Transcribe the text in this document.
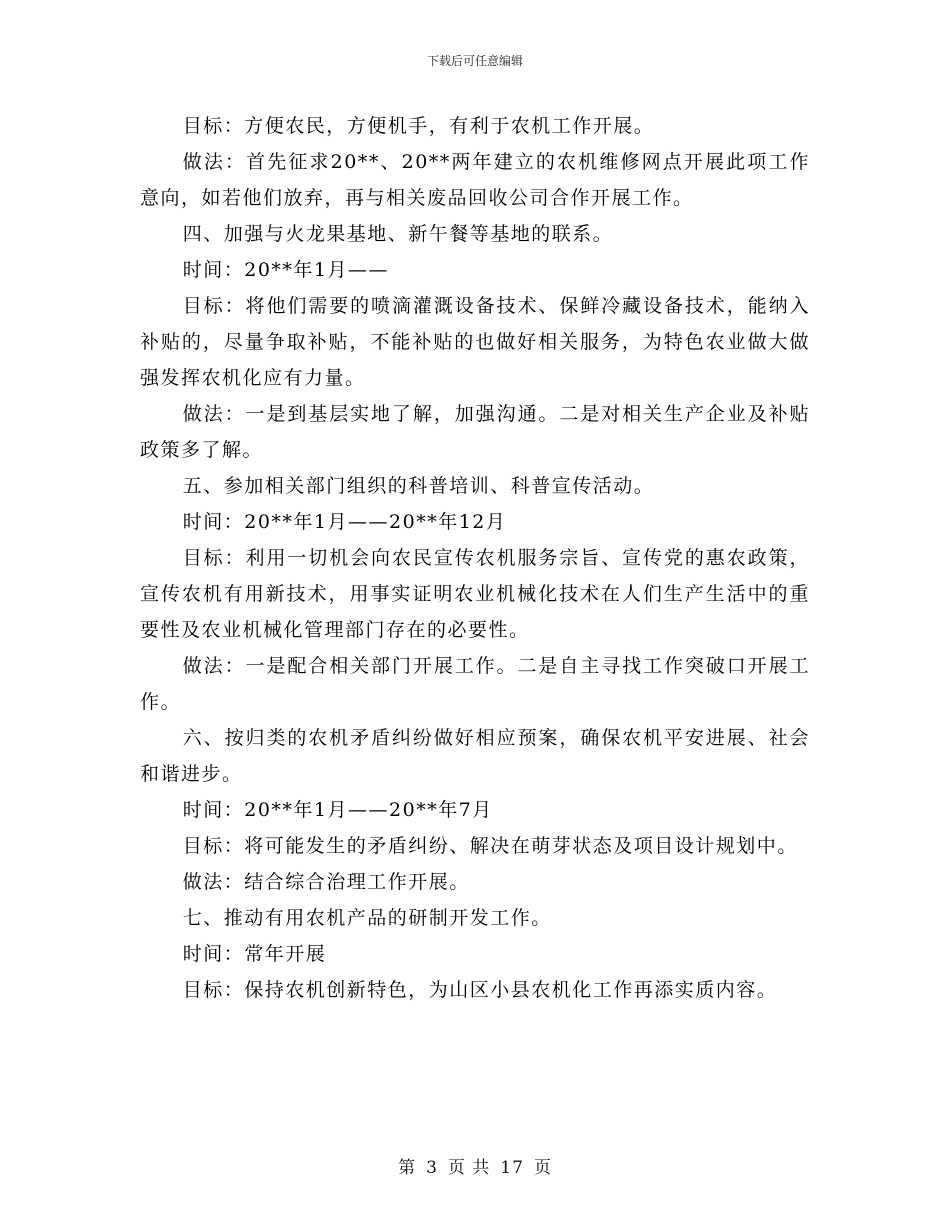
下载后可任意编辑

目标：方便农民，方便机手，有利于农机工作开展。

做法：首先征求20**、20**两年建立的农机维修网点开展此项工作意向，如若他们放弃，再与相关废品回收公司合作开展工作。

四、加强与火龙果基地、新午餐等基地的联系。

时间：20**年1月——

目标：将他们需要的喷滴灌溉设备技术、保鲜冷藏设备技术，能纳入补贴的，尽量争取补贴，不能补贴的也做好相关服务，为特色农业做大做强发挥农机化应有力量。

做法：一是到基层实地了解，加强沟通。二是对相关生产企业及补贴政策多了解。

五、参加相关部门组织的科普培训、科普宣传活动。

时间：20**年1月——20**年12月

目标：利用一切机会向农民宣传农机服务宗旨、宣传党的惠农政策，宣传农机有用新技术，用事实证明农业机械化技术在人们生产生活中的重要性及农业机械化管理部门存在的必要性。

做法：一是配合相关部门开展工作。二是自主寻找工作突破口开展工作。

六、按归类的农机矛盾纠纷做好相应预案，确保农机平安进展、社会和谐进步。

时间：20**年1月——20**年7月

目标：将可能发生的矛盾纠纷、解决在萌芽状态及项目设计规划中。

做法：结合综合治理工作开展。

七、推动有用农机产品的研制开发工作。

时间：常年开展

目标：保持农机创新特色，为山区小县农机化工作再添实质内容。

第 3 页 共 17 页
